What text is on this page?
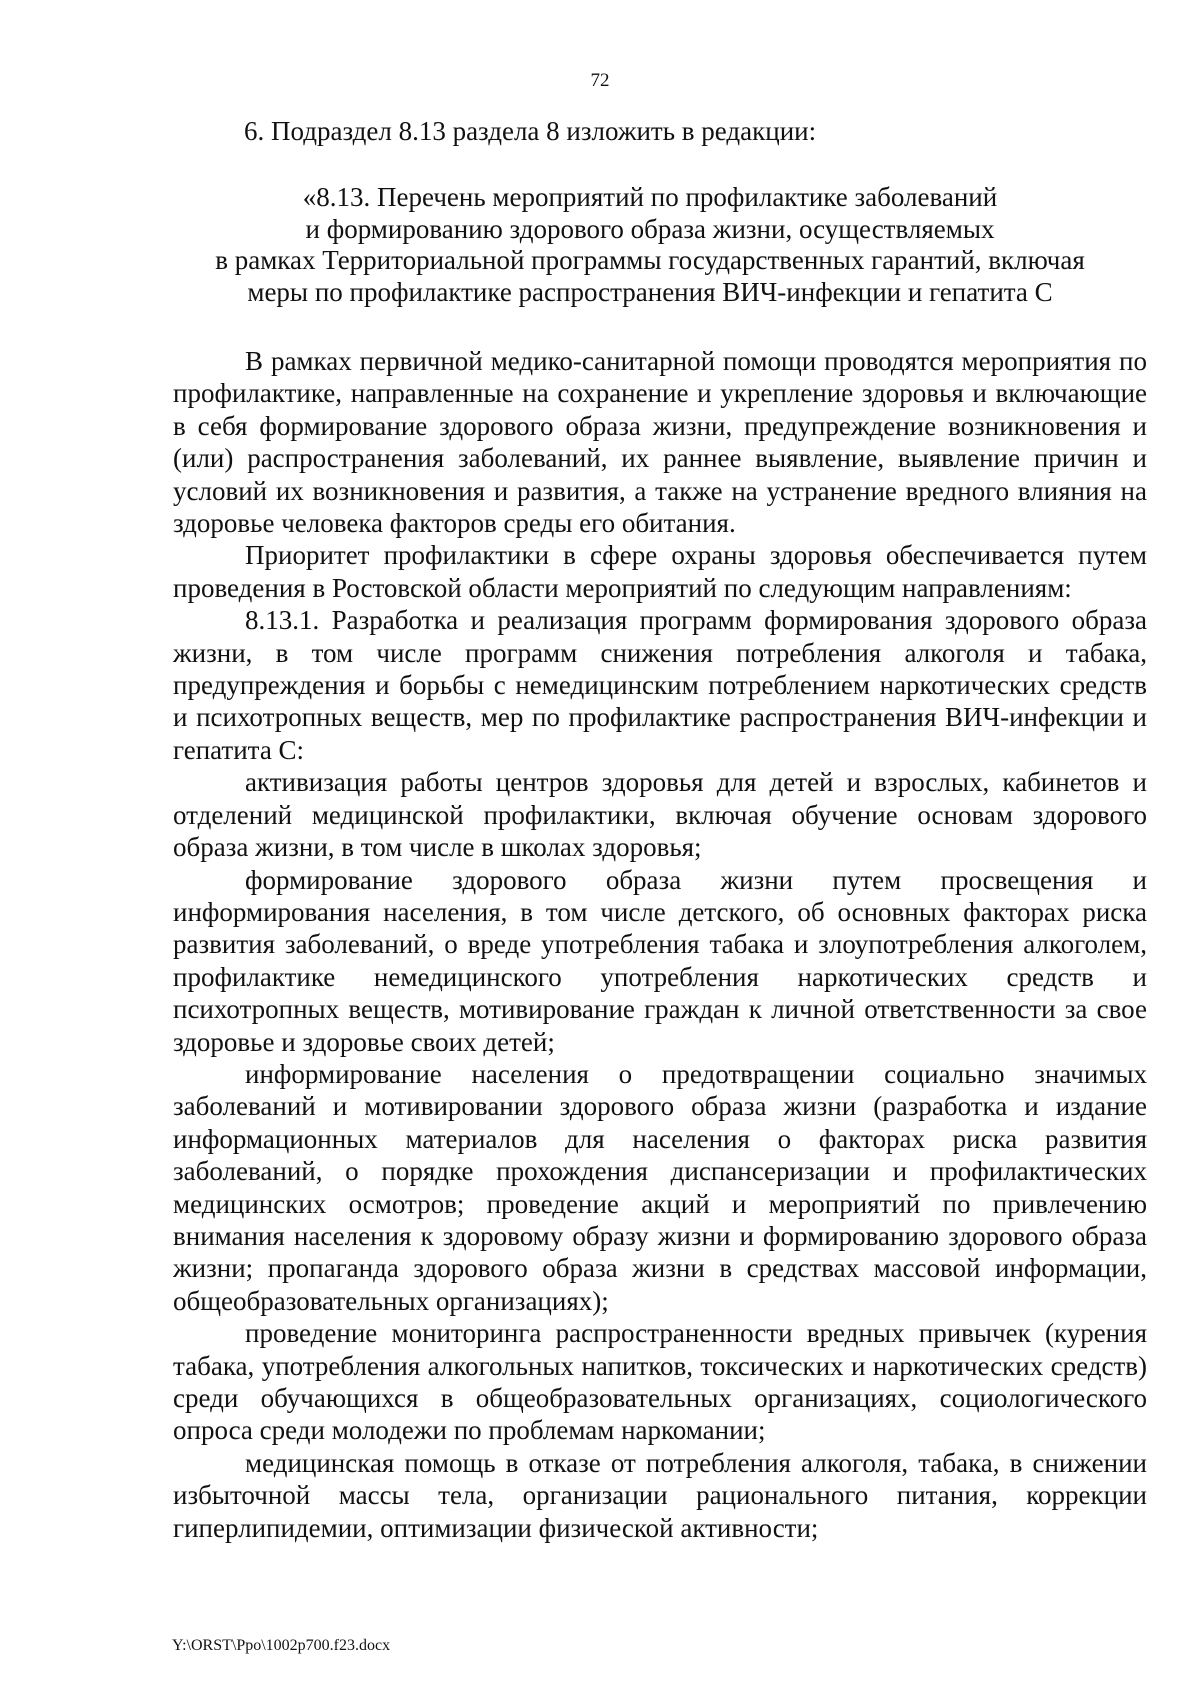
72
6. Подраздел 8.13 раздела 8 изложить в редакции:
«8.13. Перечень мероприятий по профилактике заболеваний
и формированию здорового образа жизни, осуществляемых
в рамках Территориальной программы государственных гарантий, включая
меры по профилактике распространения ВИЧ-инфекции и гепатита С

В рамках первичной медико-санитарной помощи проводятся мероприятия по профилактике, направленные на сохранение и укрепление здоровья и включающие в себя формирование здорового образа жизни, предупреждение возникновения и (или) распространения заболеваний, их раннее выявление, выявление причин и условий их возникновения и развития, а также на устранение вредного влияния на здоровье человека факторов среды его обитания.

Приоритет профилактики в сфере охраны здоровья обеспечивается путем проведения в Ростовской области мероприятий по следующим направлениям:

8.13.1. Разработка и реализация программ формирования здорового образа жизни, в том числе программ снижения потребления алкоголя и табака, предупреждения и борьбы с немедицинским потреблением наркотических средств и психотропных веществ, мер по профилактике распространения ВИЧ-инфекции и гепатита С:

активизация работы центров здоровья для детей и взрослых, кабинетов и отделений медицинской профилактики, включая обучение основам здорового образа жизни, в том числе в школах здоровья;

формирование здорового образа жизни путем просвещения и информирования населения, в том числе детского, об основных факторах риска развития заболеваний, о вреде употребления табака и злоупотребления алкоголем, профилактике немедицинского употребления наркотических средств и психотропных веществ, мотивирование граждан к личной ответственности за свое здоровье и здоровье своих детей;

информирование населения о предотвращении социально значимых заболеваний и мотивировании здорового образа жизни (разработка и издание информационных материалов для населения о факторах риска развития заболеваний, о порядке прохождения диспансеризации и профилактических медицинских осмотров; проведение акций и мероприятий по привлечению внимания населения к здоровому образу жизни и формированию здорового образа жизни; пропаганда здорового образа жизни в средствах массовой информации, общеобразовательных организациях);

проведение мониторинга распространенности вредных привычек (курения табака, употребления алкогольных напитков, токсических и наркотических средств) среди обучающихся в общеобразовательных организациях, социологического опроса среди молодежи по проблемам наркомании;

медицинская помощь в отказе от потребления алкоголя, табака, в снижении избыточной массы тела, организации рационального питания, коррекции гиперлипидемии, оптимизации физической активности;

Y:\ORST\Ppo\1002p700.f23.docx
